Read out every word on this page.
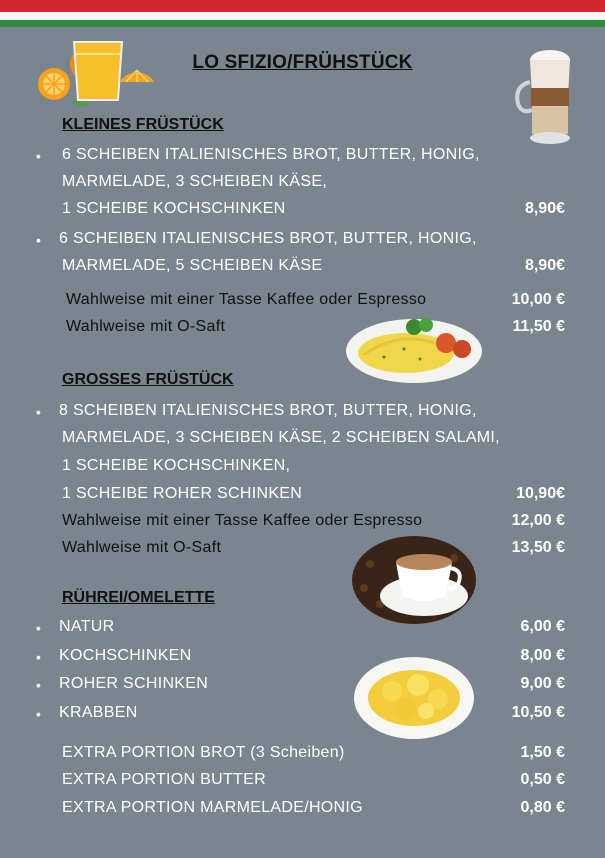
LO SFIZIO/FRÜHSTÜCK
KLEINES FRÜSTÜCK
• 6 SCHEIBEN ITALIENISCHES BROT, BUTTER, HONIG,
MARMELADE, 3 SCHEIBEN KÄSE,
1 SCHEIBE KOCHSCHINKEN	8,90€
• 6 SCHEIBEN ITALIENISCHES BROT, BUTTER, HONIG,
MARMELADE, 5 SCHEIBEN KÄSE	8,90€
Wahlweise mit einer Tasse Kaffee oder Espresso	10,00 €
Wahlweise mit O-Saft	11,50 €
GROSSES FRÜSTÜCK
• 8 SCHEIBEN ITALIENISCHES BROT, BUTTER, HONIG,
MARMELADE, 3 SCHEIBEN KÄSE, 2 SCHEIBEN SALAMI,
1 SCHEIBE KOCHSCHINKEN,
1 SCHEIBE ROHER SCHINKEN	10,90€
Wahlweise mit einer Tasse Kaffee oder Espresso	12,00 €
Wahlweise mit O-Saft	13,50 €
RÜHREI/OMELETTE
• NATUR	6,00 €
• KOCHSCHINKEN	8,00 €
• ROHER SCHINKEN	9,00 €
• KRABBEN	10,50 €
EXTRA PORTION BROT (3 Scheiben)	1,50 €
EXTRA PORTION BUTTER	0,50 €
EXTRA PORTION MARMELADE/HONIG	0,80 €
